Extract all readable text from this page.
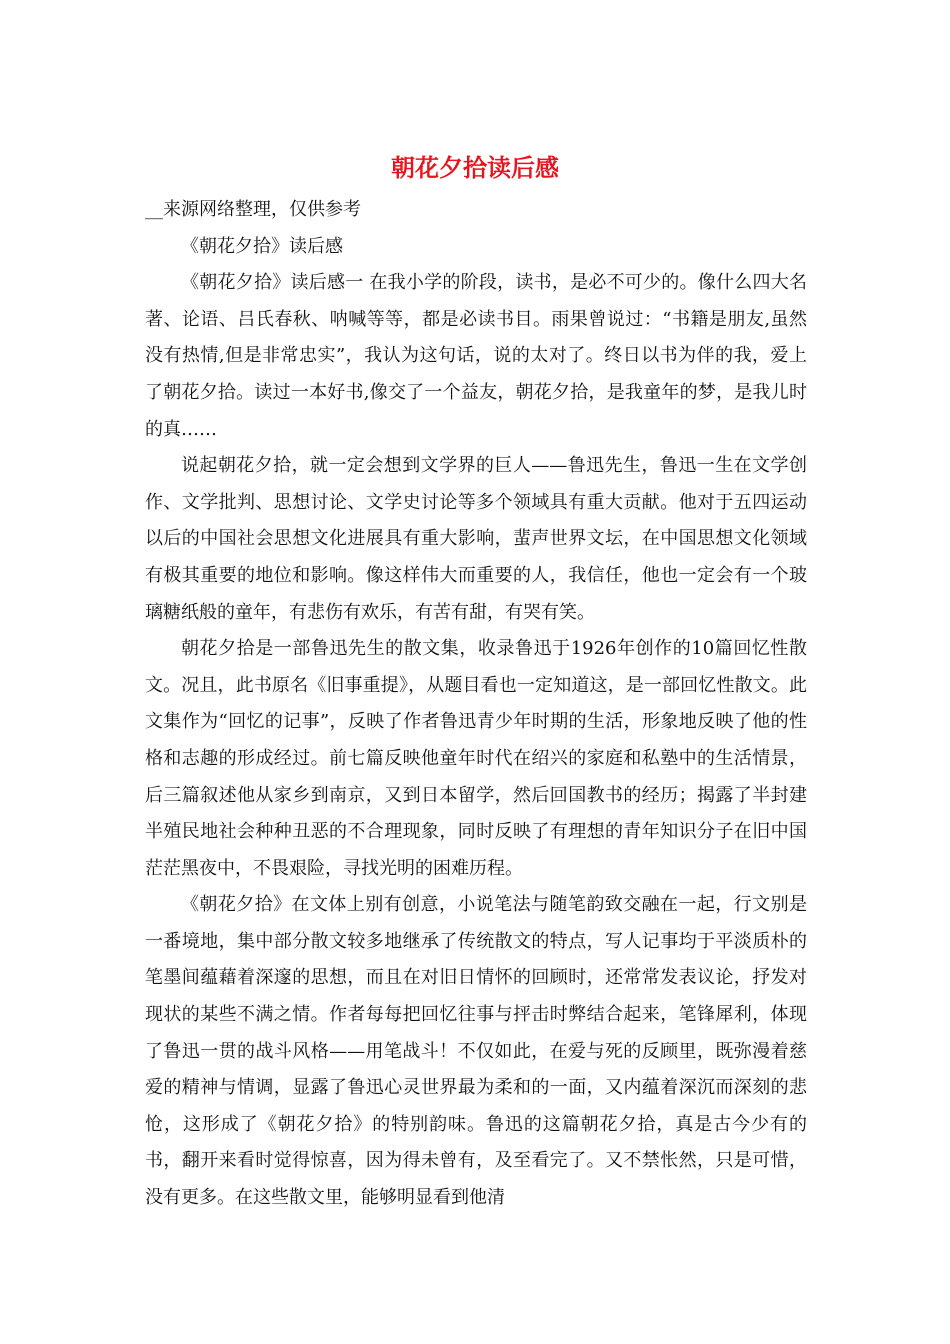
朝花夕拾读后感

__来源网络整理，仅供参考

《朝花夕拾》读后感

《朝花夕拾》读后感一 在我小学的阶段，读书，是必不可少的。像什么四大名著、论语、吕氏春秋、呐喊等等，都是必读书目。雨果曾说过：“书籍是朋友,虽然没有热情,但是非常忠实”，我认为这句话，说的太对了。终日以书为伴的我，爱上了朝花夕拾。读过一本好书,像交了一个益友，朝花夕拾，是我童年的梦，是我儿时的真……

说起朝花夕拾，就一定会想到文学界的巨人——鲁迅先生，鲁迅一生在文学创作、文学批判、思想讨论、文学史讨论等多个领域具有重大贡献。他对于五四运动以后的中国社会思想文化进展具有重大影响，蜚声世界文坛，在中国思想文化领域有极其重要的地位和影响。像这样伟大而重要的人，我信任，他也一定会有一个玻璃糖纸般的童年，有悲伤有欢乐，有苦有甜，有哭有笑。

朝花夕拾是一部鲁迅先生的散文集，收录鲁迅于1926年创作的10篇回忆性散文。况且，此书原名《旧事重提》，从题目看也一定知道这，是一部回忆性散文。此文集作为“回忆的记事”，反映了作者鲁迅青少年时期的生活，形象地反映了他的性格和志趣的形成经过。前七篇反映他童年时代在绍兴的家庭和私塾中的生活情景，后三篇叙述他从家乡到南京，又到日本留学，然后回国教书的经历；揭露了半封建半殖民地社会种种丑恶的不合理现象，同时反映了有理想的青年知识分子在旧中国茫茫黑夜中，不畏艰险，寻找光明的困难历程。

《朝花夕拾》在文体上别有创意，小说笔法与随笔韵致交融在一起，行文别是一番境地，集中部分散文较多地继承了传统散文的特点，写人记事均于平淡质朴的笔墨间蕴藉着深邃的思想，而且在对旧日情怀的回顾时，还常常发表议论，抒发对现状的某些不满之情。作者每每把回忆往事与抨击时弊结合起来，笔锋犀利，体现了鲁迅一贯的战斗风格——用笔战斗！不仅如此，在爱与死的反顾里，既弥漫着慈爱的精神与情调，显露了鲁迅心灵世界最为柔和的一面，又内蕴着深沉而深刻的悲怆，这形成了《朝花夕拾》的特别韵味。鲁迅的这篇朝花夕拾，真是古今少有的书，翻开来看时觉得惊喜，因为得未曾有，及至看完了。又不禁怅然，只是可惜，没有更多。在这些散文里，能够明显看到他清
